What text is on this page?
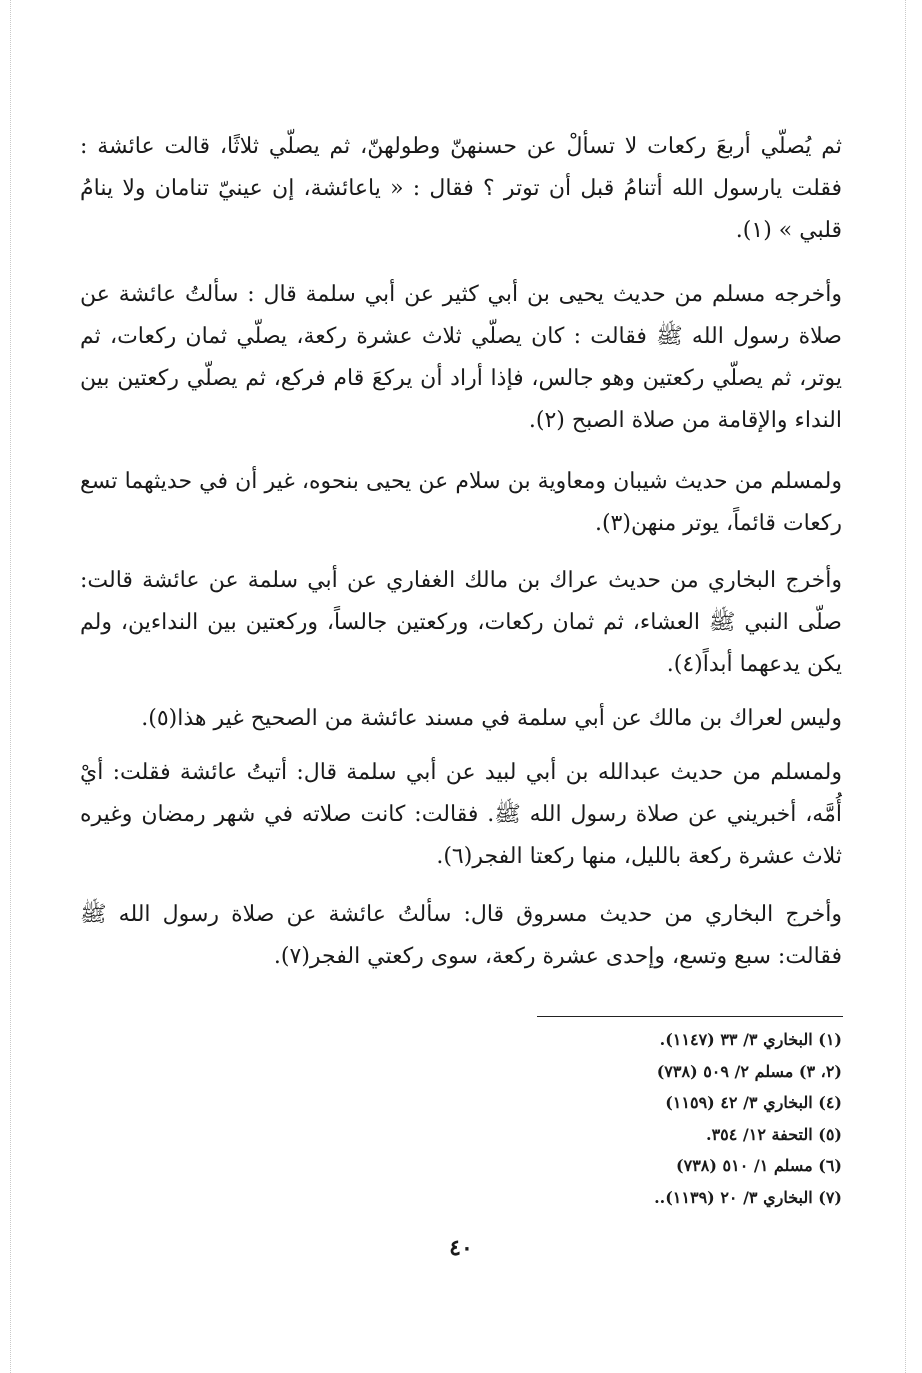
ثم يُصلّي أربعَ ركعات لا تسألْ عن حسنهنّ وطولهنّ، ثم يصلّي ثلاثًا، قالت عائشة : فقلت يارسول الله أتنامُ قبل أن توتر ؟ فقال : « ياعائشة، إن عينيّ تنامان ولا ينامُ قلبي » (١).
وأخرجه مسلم من حديث يحيى بن أبي كثير عن أبي سلمة قال : سألتُ عائشة عن صلاة رسول الله ﷺ فقالت : كان يصلّي ثلاث عشرة ركعة، يصلّي ثمان ركعات، ثم يوتر، ثم يصلّي ركعتين وهو جالس، فإذا أراد أن يركعَ قام فركع، ثم يصلّي ركعتين بين النداء والإقامة من صلاة الصبح (٢).
ولمسلم من حديث شيبان ومعاوية بن سلام عن يحيى بنحوه، غير أن في حديثهما تسع ركعات قائماً، يوتر منهن(٣).
وأخرج البخاري من حديث عراك بن مالك الغفاري عن أبي سلمة عن عائشة قالت: صلّى النبي ﷺ العشاء، ثم ثمان ركعات، وركعتين جالساً، وركعتين بين النداءين، ولم يكن يدعهما أبداً(٤).
وليس لعراك بن مالك عن أبي سلمة في مسند عائشة من الصحيح غير هذا(٥).
ولمسلم من حديث عبدالله بن أبي لبيد عن أبي سلمة قال: أتيتُ عائشة فقلت: أيْ أُمَّه، أخبريني عن صلاة رسول الله ﷺ. فقالت: كانت صلاته في شهر رمضان وغيره ثلاث عشرة ركعة بالليل، منها ركعتا الفجر(٦).
وأخرج البخاري من حديث مسروق قال: سألتُ عائشة عن صلاة رسول الله ﷺ فقالت: سبع وتسع، وإحدى عشرة ركعة، سوى ركعتي الفجر(٧).
(١) البخاري ٣/ ٣٣ (١١٤٧).
(٢، ٣) مسلم ٢/ ٥٠٩ (٧٣٨)
(٤) البخاري ٣/ ٤٢ (١١٥٩)
(٥) التحفة ١٢/ ٣٥٤.
(٦) مسلم ١/ ٥١٠ (٧٣٨)
(٧) البخاري ٣/ ٢٠ (١١٣٩)..
٤٠
